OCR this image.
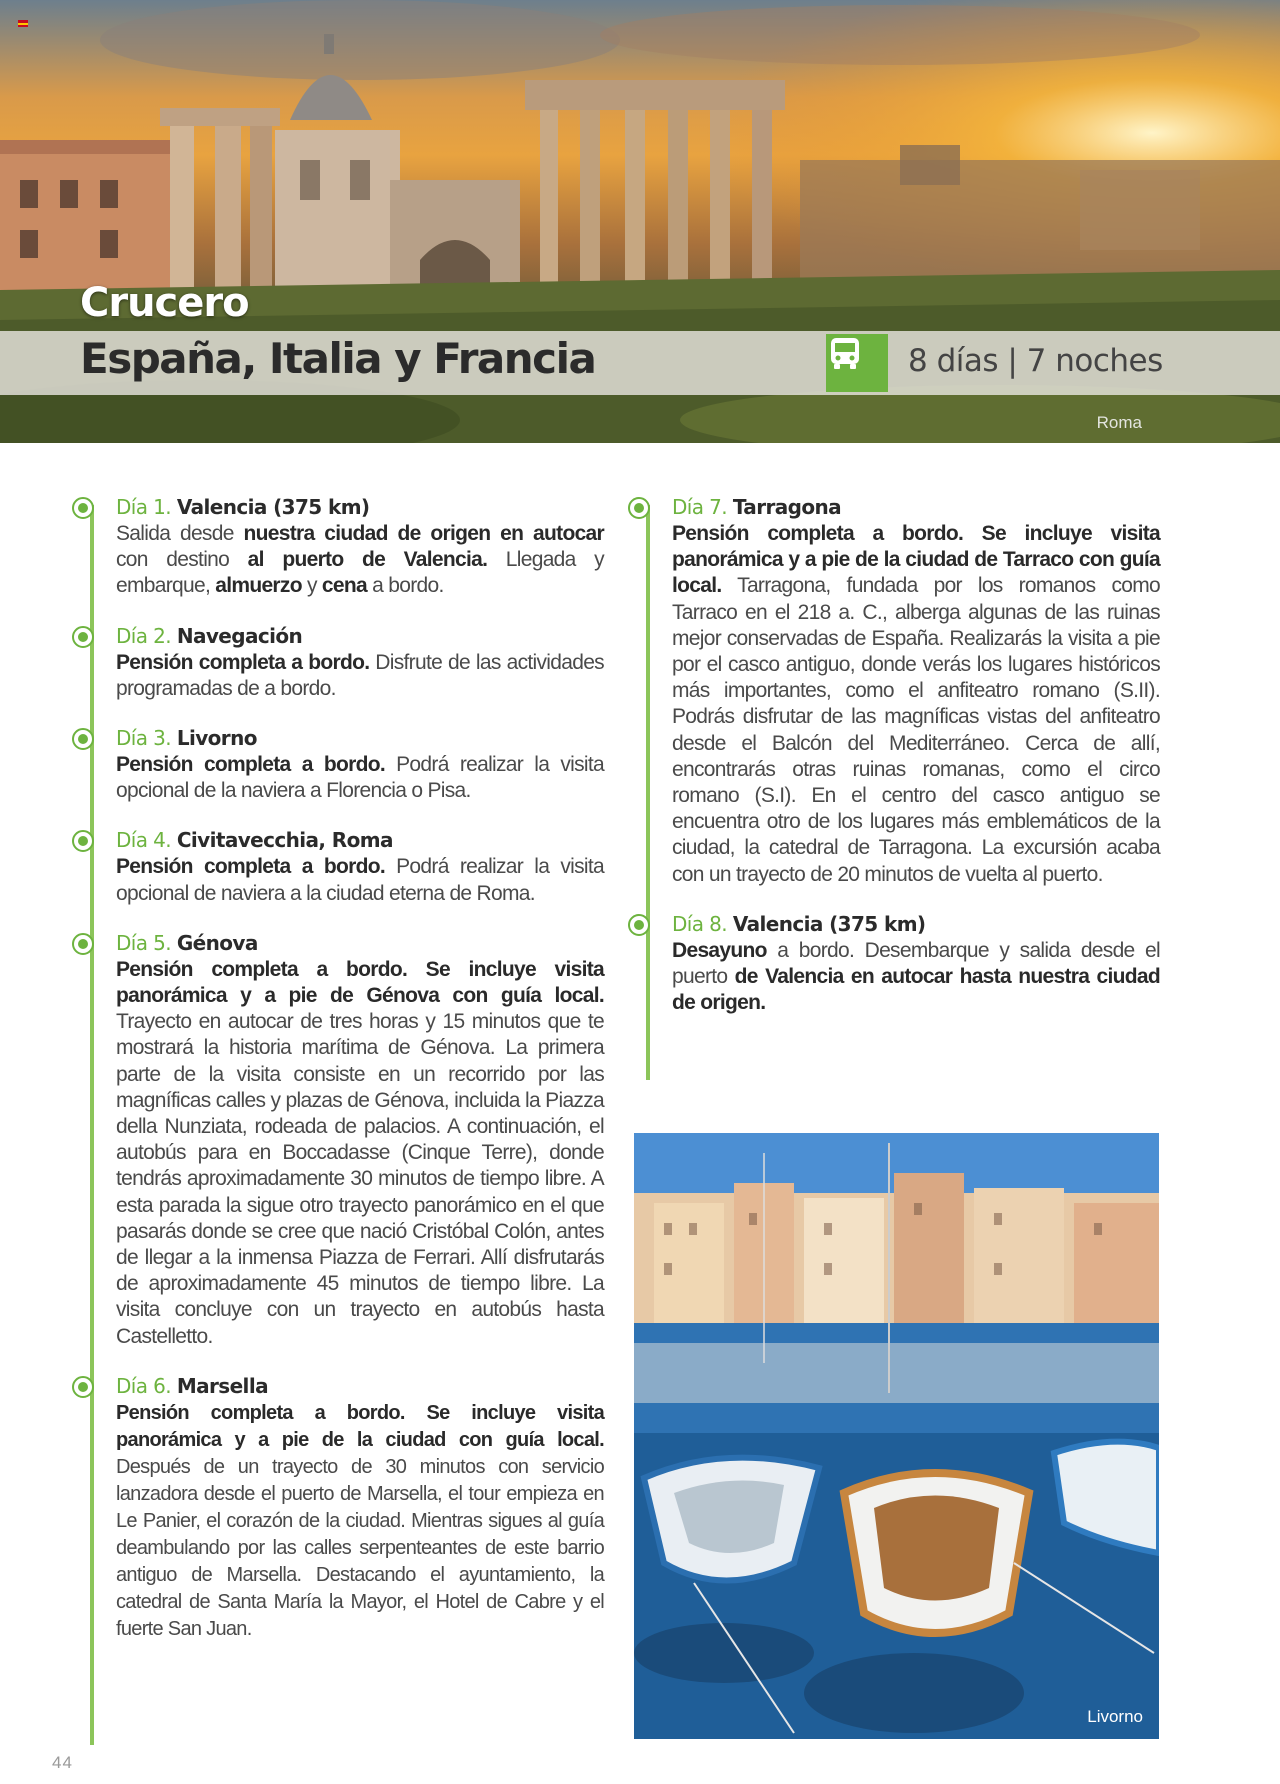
Crucero
España, Italia y Francia	8 días | 7 noches
Roma
Día 1. Valencia (375 km)
Salida desde nuestra ciudad de origen en autocar con destino al puerto de Valencia. Llegada y embarque, almuerzo y cena a bordo.
Día 2. Navegación
Pensión completa a bordo. Disfrute de las actividades programadas de a bordo.
Día 3. Livorno
Pensión completa a bordo. Podrá realizar la visita opcional de la naviera a Florencia o Pisa.
Día 4. Civitavecchia, Roma
Pensión completa a bordo. Podrá realizar la visita opcional de naviera a la ciudad eterna de Roma.
Día 5. Génova
Pensión completa a bordo. Se incluye visita panorámica y a pie de Génova con guía local. Trayecto en autocar de tres horas y 15 minutos que te mostrará la historia marítima de Génova. La primera parte de la visita consiste en un recorrido por las magníficas calles y plazas de Génova, incluida la Piazza della Nunziata, rodeada de palacios. A continuación, el autobús para en Boccadasse (Cinque Terre), donde tendrás aproximadamente 30 minutos de tiempo libre. A esta parada la sigue otro trayecto panorámico en el que pasarás donde se cree que nació Cristóbal Colón, antes de llegar a la inmensa Piazza de Ferrari. Allí disfrutarás de aproximadamente 45 minutos de tiempo libre. La visita concluye con un trayecto en autobús hasta Castelletto.
Día 6. Marsella
Pensión completa a bordo. Se incluye visita panorámica y a pie de la ciudad con guía local. Después de un trayecto de 30 minutos con servicio lanzadora desde el puerto de Marsella, el tour empieza en Le Panier, el corazón de la ciudad. Mientras sigues al guía deambulando por las calles serpenteantes de este barrio antiguo de Marsella. Destacando el ayuntamiento, la catedral de Santa María la Mayor, el Hotel de Cabre y el fuerte San Juan.
Día 7. Tarragona
Pensión completa a bordo. Se incluye visita panorámica y a pie de la ciudad de Tarraco con guía local. Tarragona, fundada por los romanos como Tarraco en el 218 a. C., alberga algunas de las ruinas mejor conservadas de España. Realizarás la visita a pie por el casco antiguo, donde verás los lugares históricos más importantes, como el anfiteatro romano (S.II). Podrás disfrutar de las magníficas vistas del anfiteatro desde el Balcón del Mediterráneo. Cerca de allí, encontrarás otras ruinas romanas, como el circo romano (S.I). En el centro del casco antiguo se encuentra otro de los lugares más emblemáticos de la ciudad, la catedral de Tarragona. La excursión acaba con un trayecto de 20 minutos de vuelta al puerto.
Día 8. Valencia (375 km)
Desayuno a bordo. Desembarque y salida desde el puerto de Valencia en autocar hasta nuestra ciudad de origen.
Livorno
44
